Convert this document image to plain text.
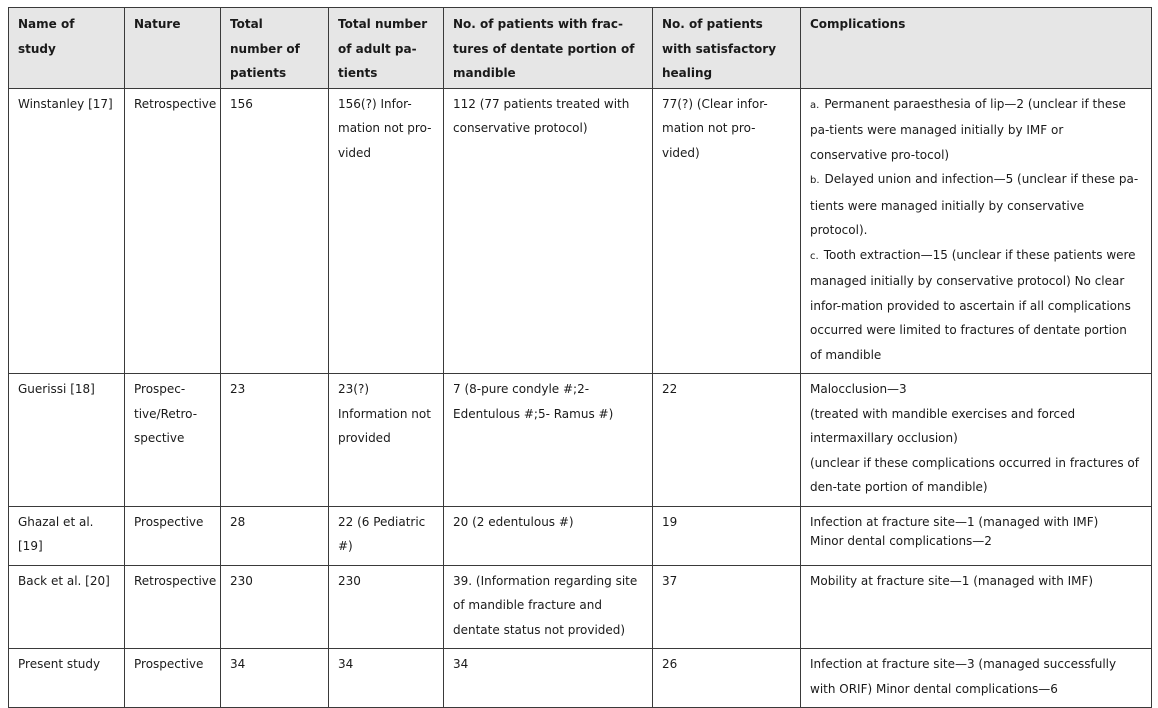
Name of study	Nature	Total number of patients	Total number of adult pa-tients	No. of patients with frac-tures of dentate portion of mandible	No. of patients with satisfactory healing	Complications
Winstanley [17]	Retrospective	156	156(?) Infor-mation not pro-vided	112 (77 patients treated with conservative protocol)	77(?) (Clear infor-mation not pro-vided)	a. Permanent paraesthesia of lip—2 (unclear if these pa-tients were managed initially by IMF or conservative pro-tocol)
b. Delayed union and infection—5 (unclear if these pa-tients were managed initially by conservative protocol).
c. Tooth extraction—15 (unclear if these patients were managed initially by conservative protocol) No clear infor-mation provided to ascertain if all complications occurred were limited to fractures of dentate portion of mandible

Guerissi [18]	Prospec-tive/Retro-spective	23	23(?) Information not provided	7 (8-pure condyle #;2-Edentulous #;5- Ramus #)	22	Malocclusion—3
(treated with mandible exercises and forced intermaxillary occlusion)
(unclear if these complications occurred in fractures of den-tate portion of mandible)

Ghazal et al. [19]	Prospective	28	22 (6 Pediatric #)	20 (2 edentulous #)	19	Infection at fracture site—1 (managed with IMF)
Minor dental complications—2

Back et al. [20]	Retrospective	230	230	39. (Information regarding site of mandible fracture and dentate status not provided)	37	Mobility at fracture site—1 (managed with IMF)

Present study	Prospective	34	34	34	26	Infection at fracture site—3 (managed successfully with ORIF) Minor dental complications—6
